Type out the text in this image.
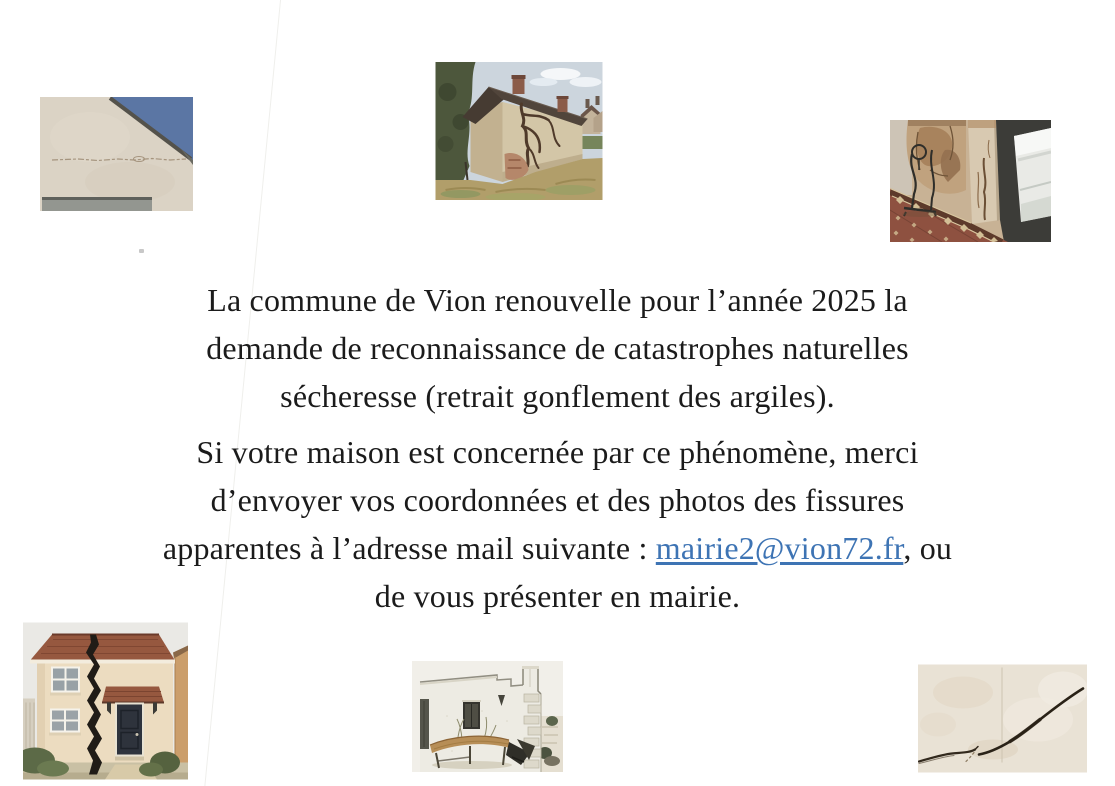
La commune de Vion renouvelle pour l’année 2025 la
demande de reconnaissance de catastrophes naturelles
sécheresse (retrait gonflement des argiles).

Si votre maison est concernée par ce phénomène, merci
d’envoyer vos coordonnées et des photos des fissures
apparentes à l’adresse mail suivante : mairie2@vion72.fr, ou
de vous présenter en mairie.
